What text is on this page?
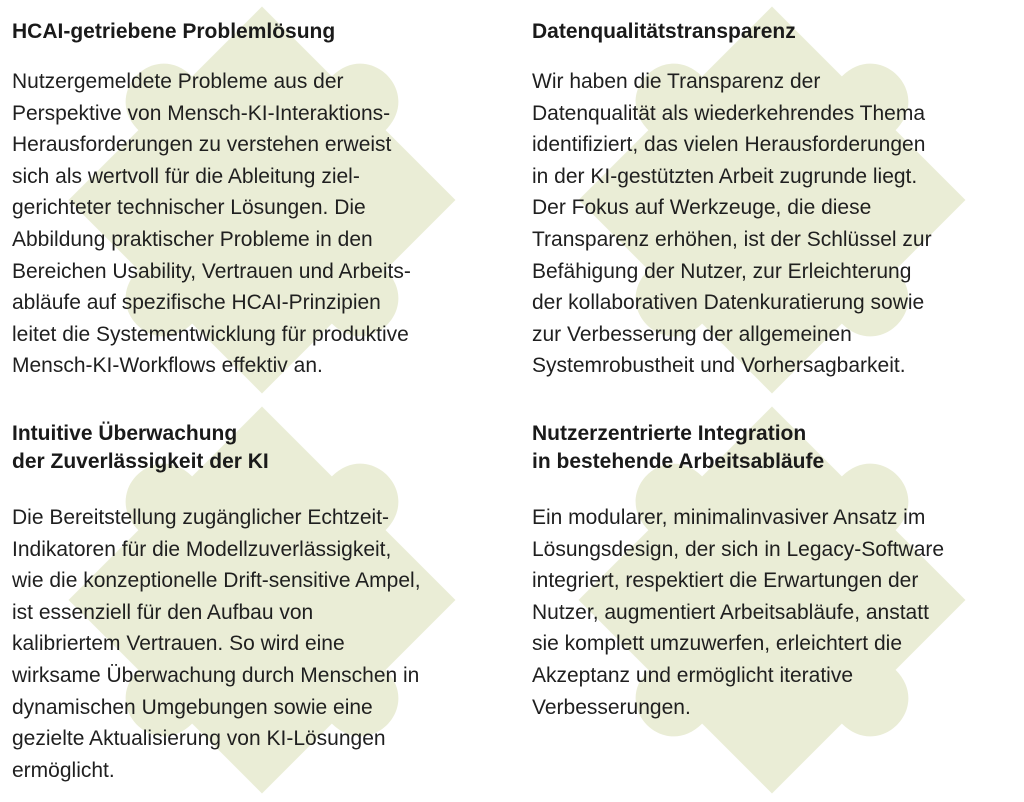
HCAI-getriebene Problemlösung

Nutzergemeldete Probleme aus der
Perspektive von Mensch-KI-Interaktions-
Herausforderungen zu verstehen erweist
sich als wertvoll für die Ableitung ziel-
gerichteter technischer Lösungen. Die
Abbildung praktischer Probleme in den
Bereichen Usability, Vertrauen und Arbeits-
abläufe auf spezifische HCAI-Prinzipien
leitet die Systementwicklung für produktive
Mensch-KI-Workflows effektiv an.

Datenqualitätstransparenz

Wir haben die Transparenz der
Datenqualität als wiederkehrendes Thema
identifiziert, das vielen Herausforderungen
in der KI-gestützten Arbeit zugrunde liegt.
Der Fokus auf Werkzeuge, die diese
Transparenz erhöhen, ist der Schlüssel zur
Befähigung der Nutzer, zur Erleichterung
der kollaborativen Datenkuratierung sowie
zur Verbesserung der allgemeinen
Systemrobustheit und Vorhersagbarkeit.

Intuitive Überwachung
der Zuverlässigkeit der KI

Die Bereitstellung zugänglicher Echtzeit-
Indikatoren für die Modellzuverlässigkeit,
wie die konzeptionelle Drift-sensitive Ampel,
ist essenziell für den Aufbau von
kalibriertem Vertrauen. So wird eine
wirksame Überwachung durch Menschen in
dynamischen Umgebungen sowie eine
gezielte Aktualisierung von KI-Lösungen
ermöglicht.

Nutzerzentrierte Integration
in bestehende Arbeitsabläufe

Ein modularer, minimalinvasiver Ansatz im
Lösungsdesign, der sich in Legacy-Software
integriert, respektiert die Erwartungen der
Nutzer, augmentiert Arbeitsabläufe, anstatt
sie komplett umzuwerfen, erleichtert die
Akzeptanz und ermöglicht iterative
Verbesserungen.
